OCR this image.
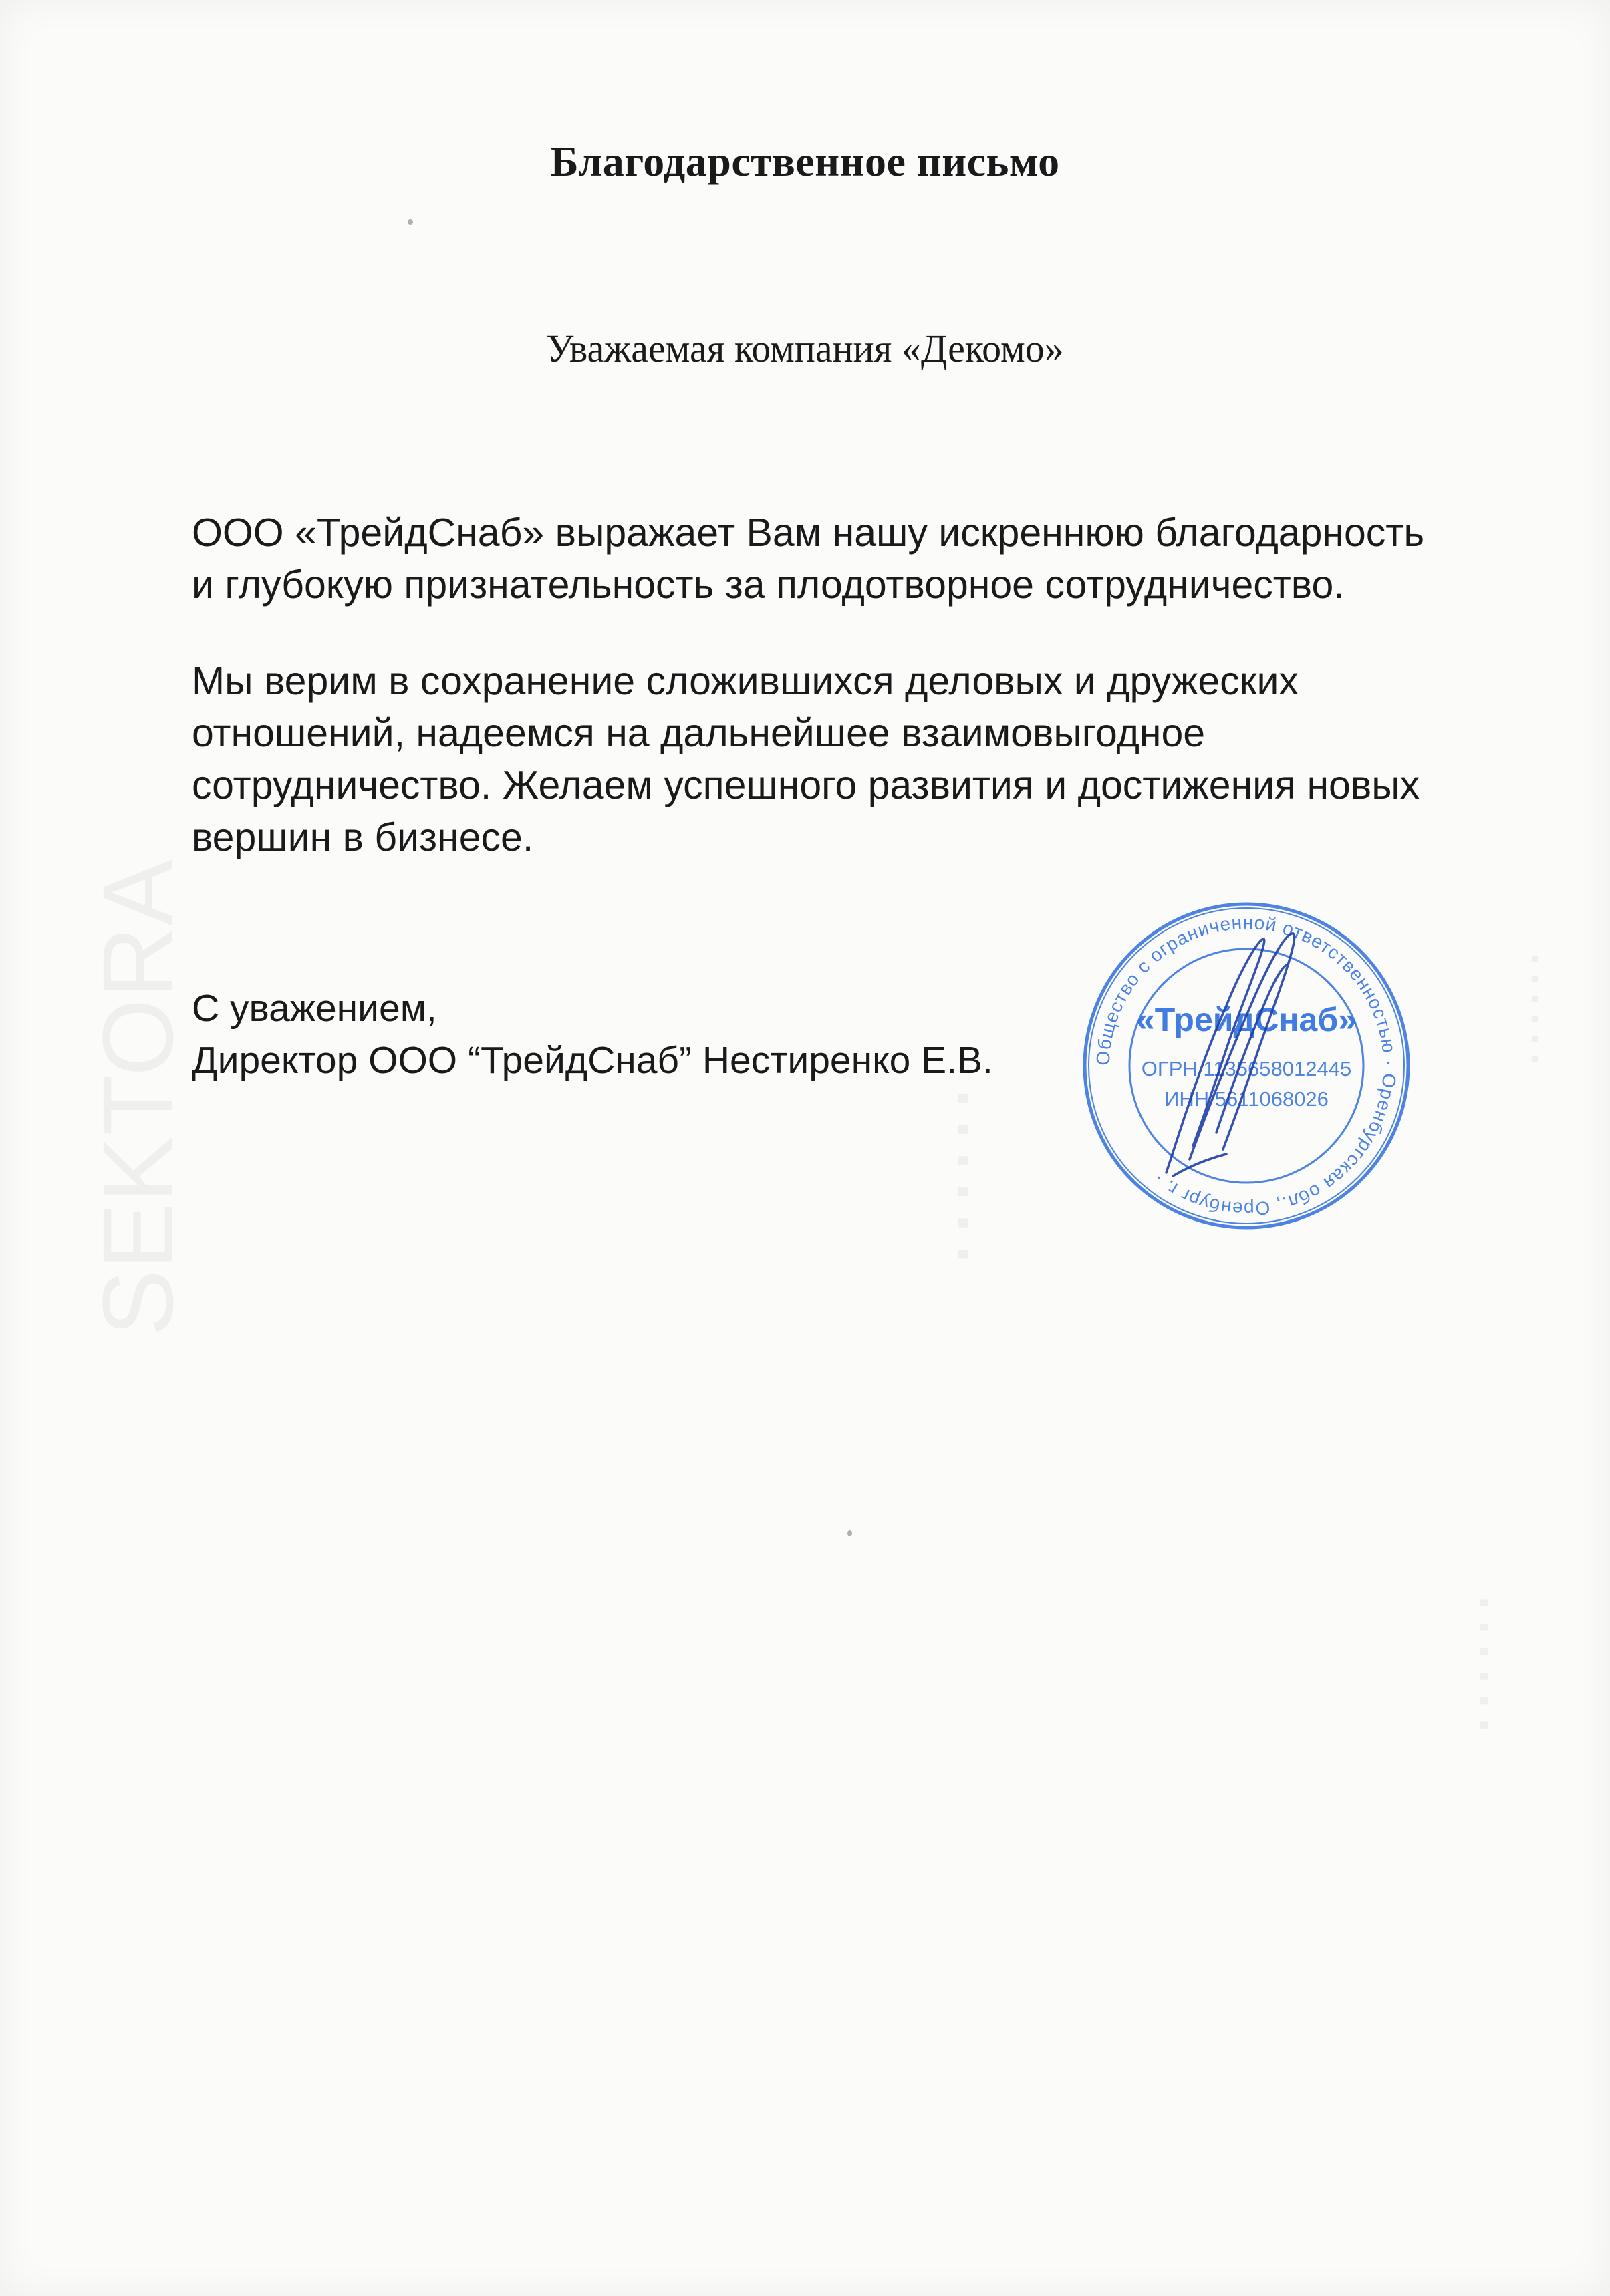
Благодарственное письмо
Уважаемая компания «Декомо»
ООО «ТрейдСнаб» выражает Вам нашу искреннюю благодарность
и глубокую признательность за плодотворное сотрудничество.
Мы верим в сохранение сложившихся деловых и дружеских
отношений, надеемся на дальнейшее взаимовыгодное
сотрудничество. Желаем успешного развития и достижения новых
вершин в бизнесе.
С уважением,
Директор ООО “ТрейдСнаб” Нестиренко Е.В.	Общество с ограниченной ответственностью · Оренбургская обл., Оренбург г. ·
«ТрейдСнаб»
ОГРН 1135658012445
ИНН 5611068026
